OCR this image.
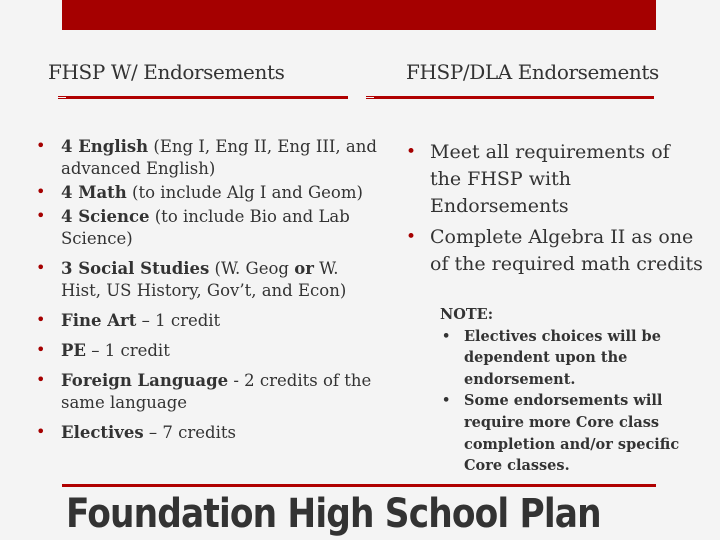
FHSP W/ Endorsements	FHSP/DLA Endorsements
• 4 English (Eng I, Eng II, Eng III, and advanced English)
• 4 Math (to include Alg I and Geom)
• 4 Science (to include Bio and Lab Science)
• 3 Social Studies (W. Geog or W. Hist, US History, Gov’t, and Econ)
• Fine Art – 1 credit
• PE – 1 credit
• Foreign Language - 2 credits of the same language
• Electives – 7 credits
• Meet all requirements of the FHSP with Endorsements
• Complete Algebra II as one of the required math credits
NOTE:
• Electives choices will be dependent upon the endorsement.
• Some endorsements will require more Core class completion and/or specific Core classes.
Foundation High School Plan
